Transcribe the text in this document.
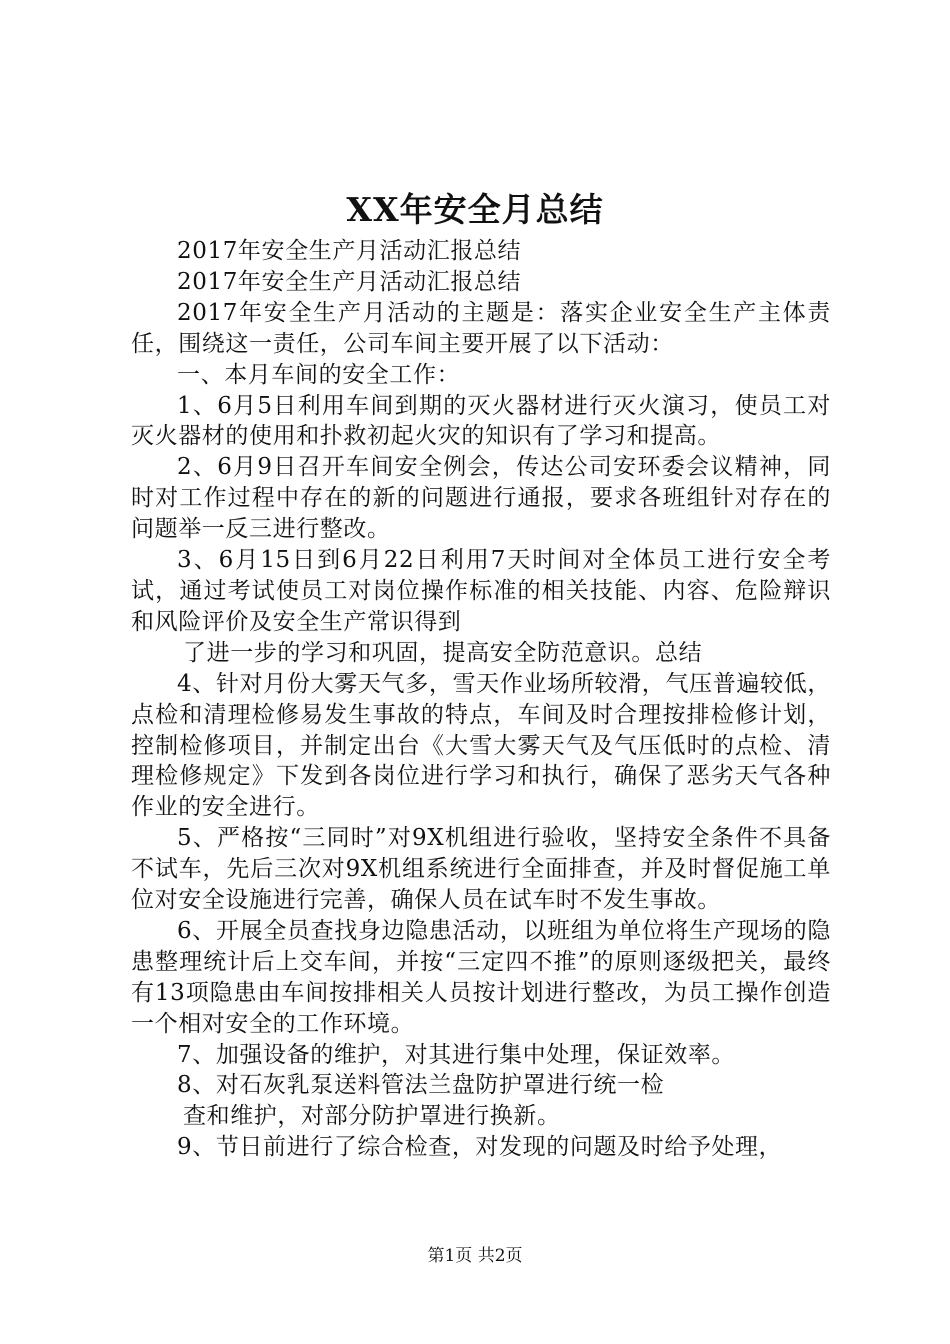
XX年安全月总结

2017年安全生产月活动汇报总结

2017年安全生产月活动汇报总结

2017年安全生产月活动的主题是：落实企业安全生产主体责任，围绕这一责任，公司车间主要开展了以下活动：

一、本月车间的安全工作：

1、6月5日利用车间到期的灭火器材进行灭火演习，使员工对灭火器材的使用和扑救初起火灾的知识有了学习和提高。

2、6月9日召开车间安全例会，传达公司安环委会议精神，同时对工作过程中存在的新的问题进行通报，要求各班组针对存在的问题举一反三进行整改。

3、6月15日到6月22日利用7天时间对全体员工进行安全考试，通过考试使员工对岗位操作标准的相关技能、内容、危险辩识和风险评价及安全生产常识得到

了进一步的学习和巩固，提高安全防范意识。总结

4、针对月份大雾天气多，雪天作业场所较滑，气压普遍较低，点检和清理检修易发生事故的特点，车间及时合理按排检修计划，控制检修项目，并制定出台《大雪大雾天气及气压低时的点检、清理检修规定》下发到各岗位进行学习和执行，确保了恶劣天气各种作业的安全进行。

5、严格按“三同时”对9X机组进行验收，坚持安全条件不具备不试车，先后三次对9X机组系统进行全面排查，并及时督促施工单位对安全设施进行完善，确保人员在试车时不发生事故。

6、开展全员查找身边隐患活动，以班组为单位将生产现场的隐患整理统计后上交车间，并按“三定四不推”的原则逐级把关，最终有13项隐患由车间按排相关人员按计划进行整改，为员工操作创造一个相对安全的工作环境。

7、加强设备的维护，对其进行集中处理，保证效率。

8、对石灰乳泵送料管法兰盘防护罩进行统一检

查和维护，对部分防护罩进行换新。

9、节日前进行了综合检查，对发现的问题及时给予处理，

第1页 共2页
